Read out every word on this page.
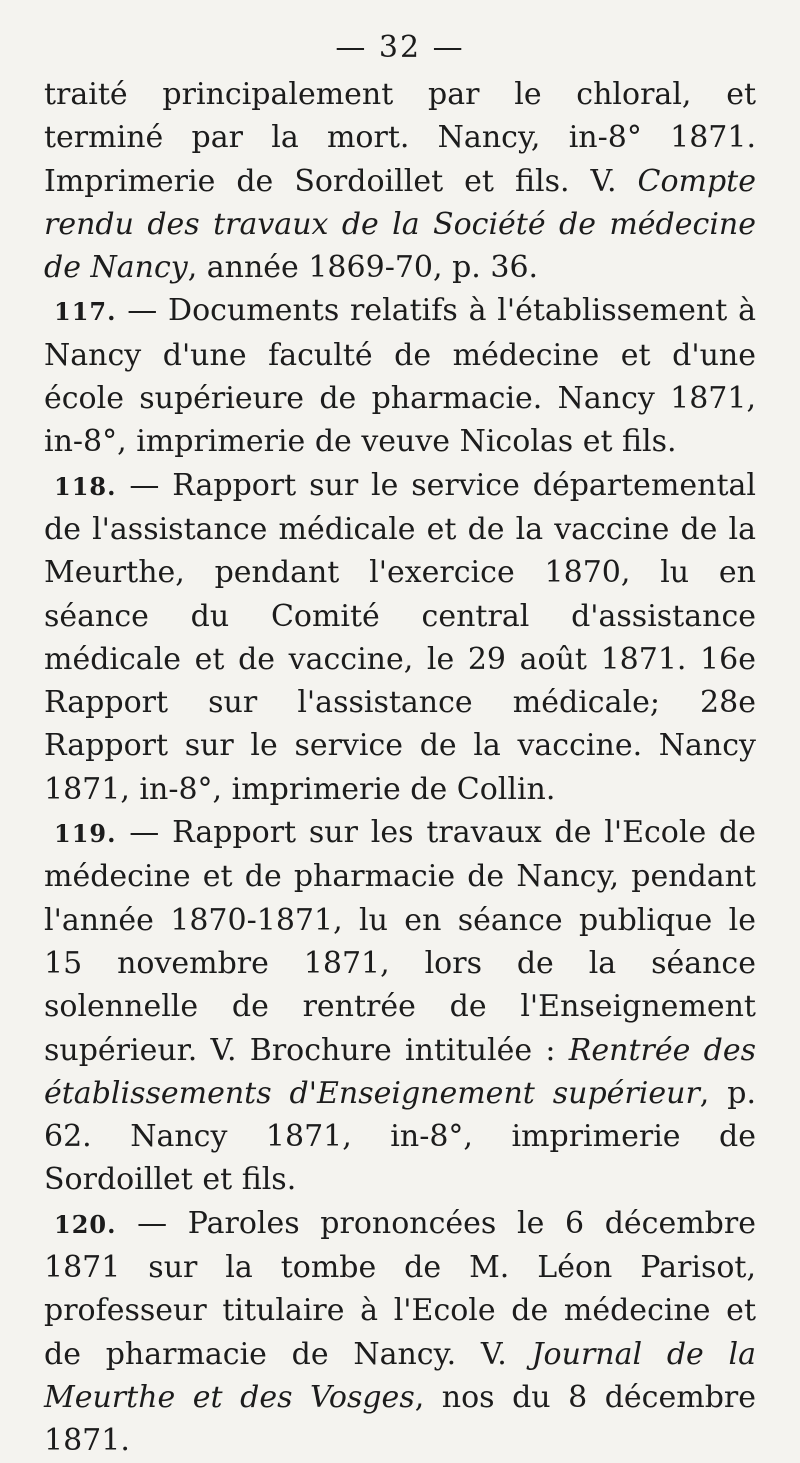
— 32 —

traité principalement par le chloral, et terminé par la mort. Nancy, in-8° 1871. Imprimerie de Sordoillet et fils. V. Compte rendu des travaux de la Société de médecine de Nancy, année 1869-70, p. 36.

117. — Documents relatifs à l'établissement à Nancy d'une faculté de médecine et d'une école supérieure de pharmacie. Nancy 1871, in-8°, imprimerie de veuve Nicolas et fils.

118. — Rapport sur le service départemental de l'assistance médicale et de la vaccine de la Meurthe, pendant l'exercice 1870, lu en séance du Comité central d'assistance médicale et de vaccine, le 29 août 1871. 16e Rapport sur l'assistance médicale; 28e Rapport sur le service de la vaccine. Nancy 1871, in-8°, imprimerie de Collin.

119. — Rapport sur les travaux de l'Ecole de médecine et de pharmacie de Nancy, pendant l'année 1870-1871, lu en séance publique le 15 novembre 1871, lors de la séance solennelle de rentrée de l'Enseignement supérieur. V. Brochure intitulée : Rentrée des établissements d'Enseignement supérieur, p. 62. Nancy 1871, in-8°, imprimerie de Sordoillet et fils.

120. — Paroles prononcées le 6 décembre 1871 sur la tombe de M. Léon Parisot, professeur titulaire à l'Ecole de médecine et de pharmacie de Nancy. V. Journal de la Meurthe et des Vosges, nos du 8 décembre 1871.
